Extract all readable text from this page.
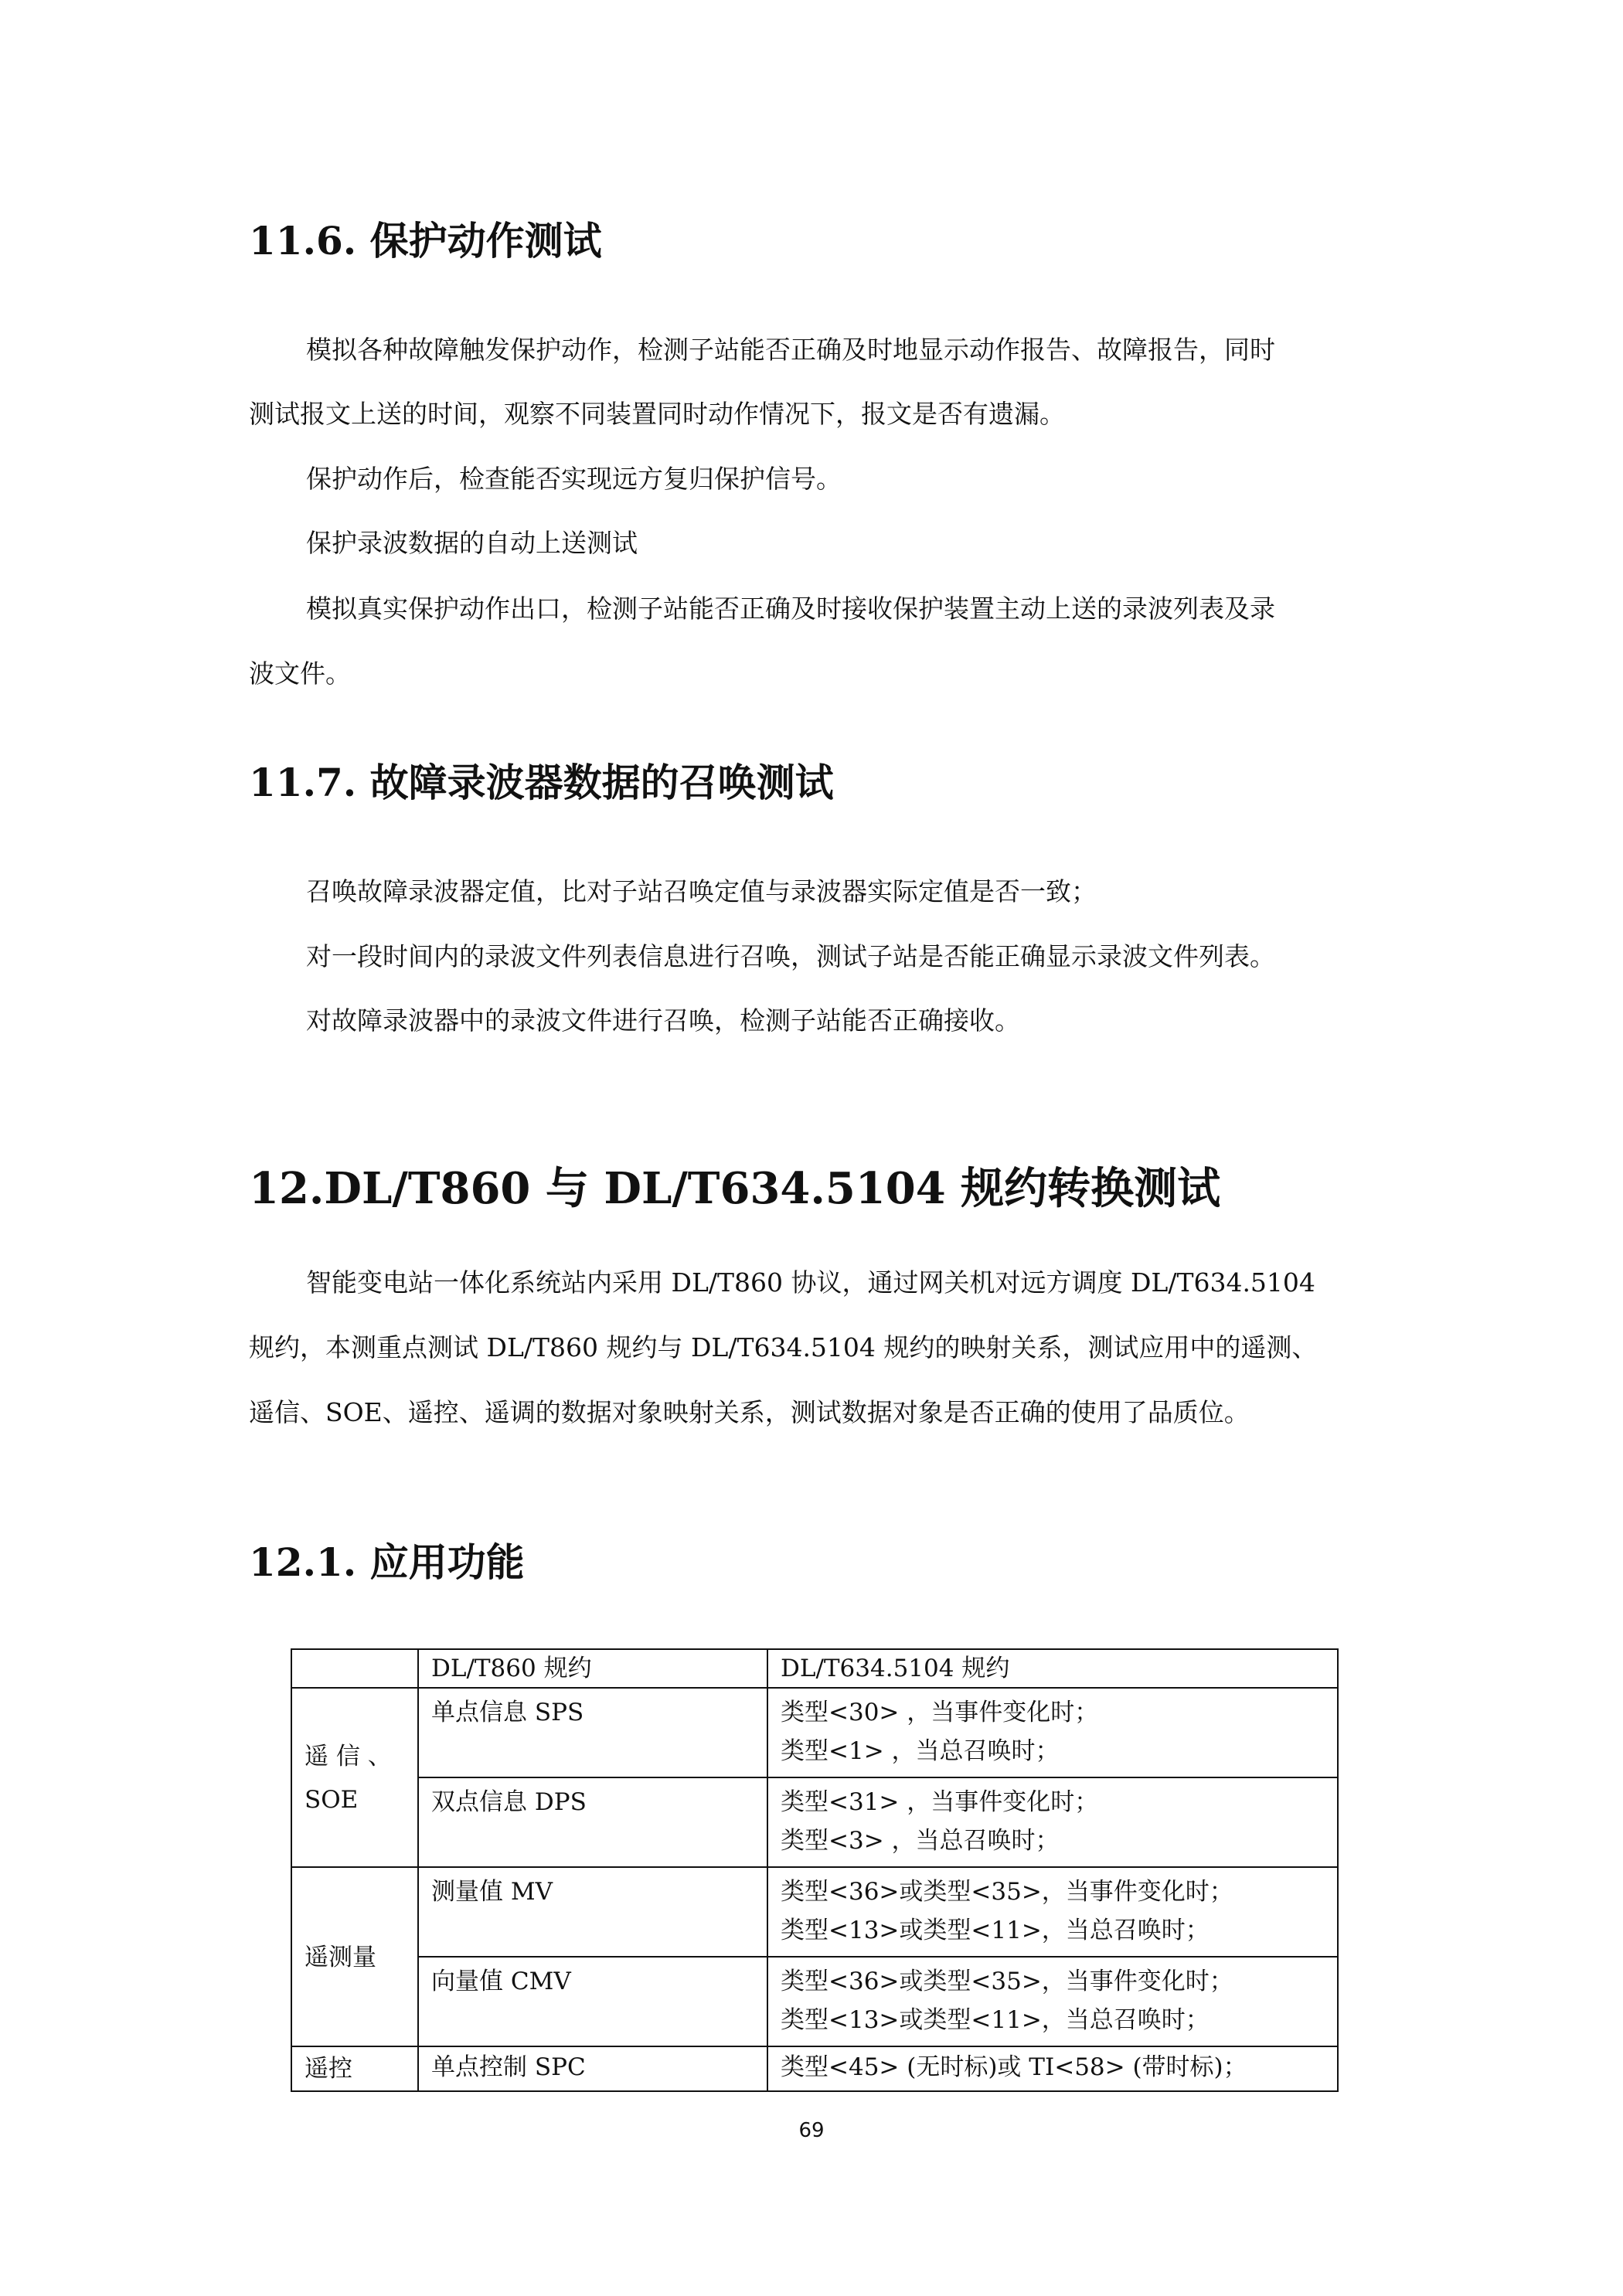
11.6. 保护动作测试

模拟各种故障触发保护动作，检测子站能否正确及时地显示动作报告、故障报告，同时

测试报文上送的时间，观察不同装置同时动作情况下，报文是否有遗漏。

保护动作后，检查能否实现远方复归保护信号。

保护录波数据的自动上送测试

模拟真实保护动作出口，检测子站能否正确及时接收保护装置主动上送的录波列表及录

波文件。

11.7. 故障录波器数据的召唤测试

召唤故障录波器定值，比对子站召唤定值与录波器实际定值是否一致；

对一段时间内的录波文件列表信息进行召唤，测试子站是否能正确显示录波文件列表。

对故障录波器中的录波文件进行召唤，检测子站能否正确接收。

12.DL/T860 与 DL/T634.5104 规约转换测试

智能变电站一体化系统站内采用 DL/T860 协议，通过网关机对远方调度 DL/T634.5104

规约，本测重点测试 DL/T860 规约与 DL/T634.5104 规约的映射关系，测试应用中的遥测、

遥信、SOE、遥控、遥调的数据对象映射关系，测试数据对象是否正确的使用了品质位。

12.1. 应用功能
	DL/T860 规约	DL/T634.5104 规约
遥 信 、 SOE	单点信息 SPS	类型<30> ，当事件变化时；
类型<1> ，当总召唤时；

	双点信息 DPS	类型<31> ，当事件变化时；
类型<3> ，当总召唤时；

遥测量	测量值 MV	类型<36>或类型<35>，当事件变化时；
类型<13>或类型<11>，当总召唤时；

	向量值 CMV	类型<36>或类型<35>，当事件变化时；
类型<13>或类型<11>，当总召唤时；

遥控	单点控制 SPC	类型<45> (无时标)或 TI<58> (带时标)；
69
